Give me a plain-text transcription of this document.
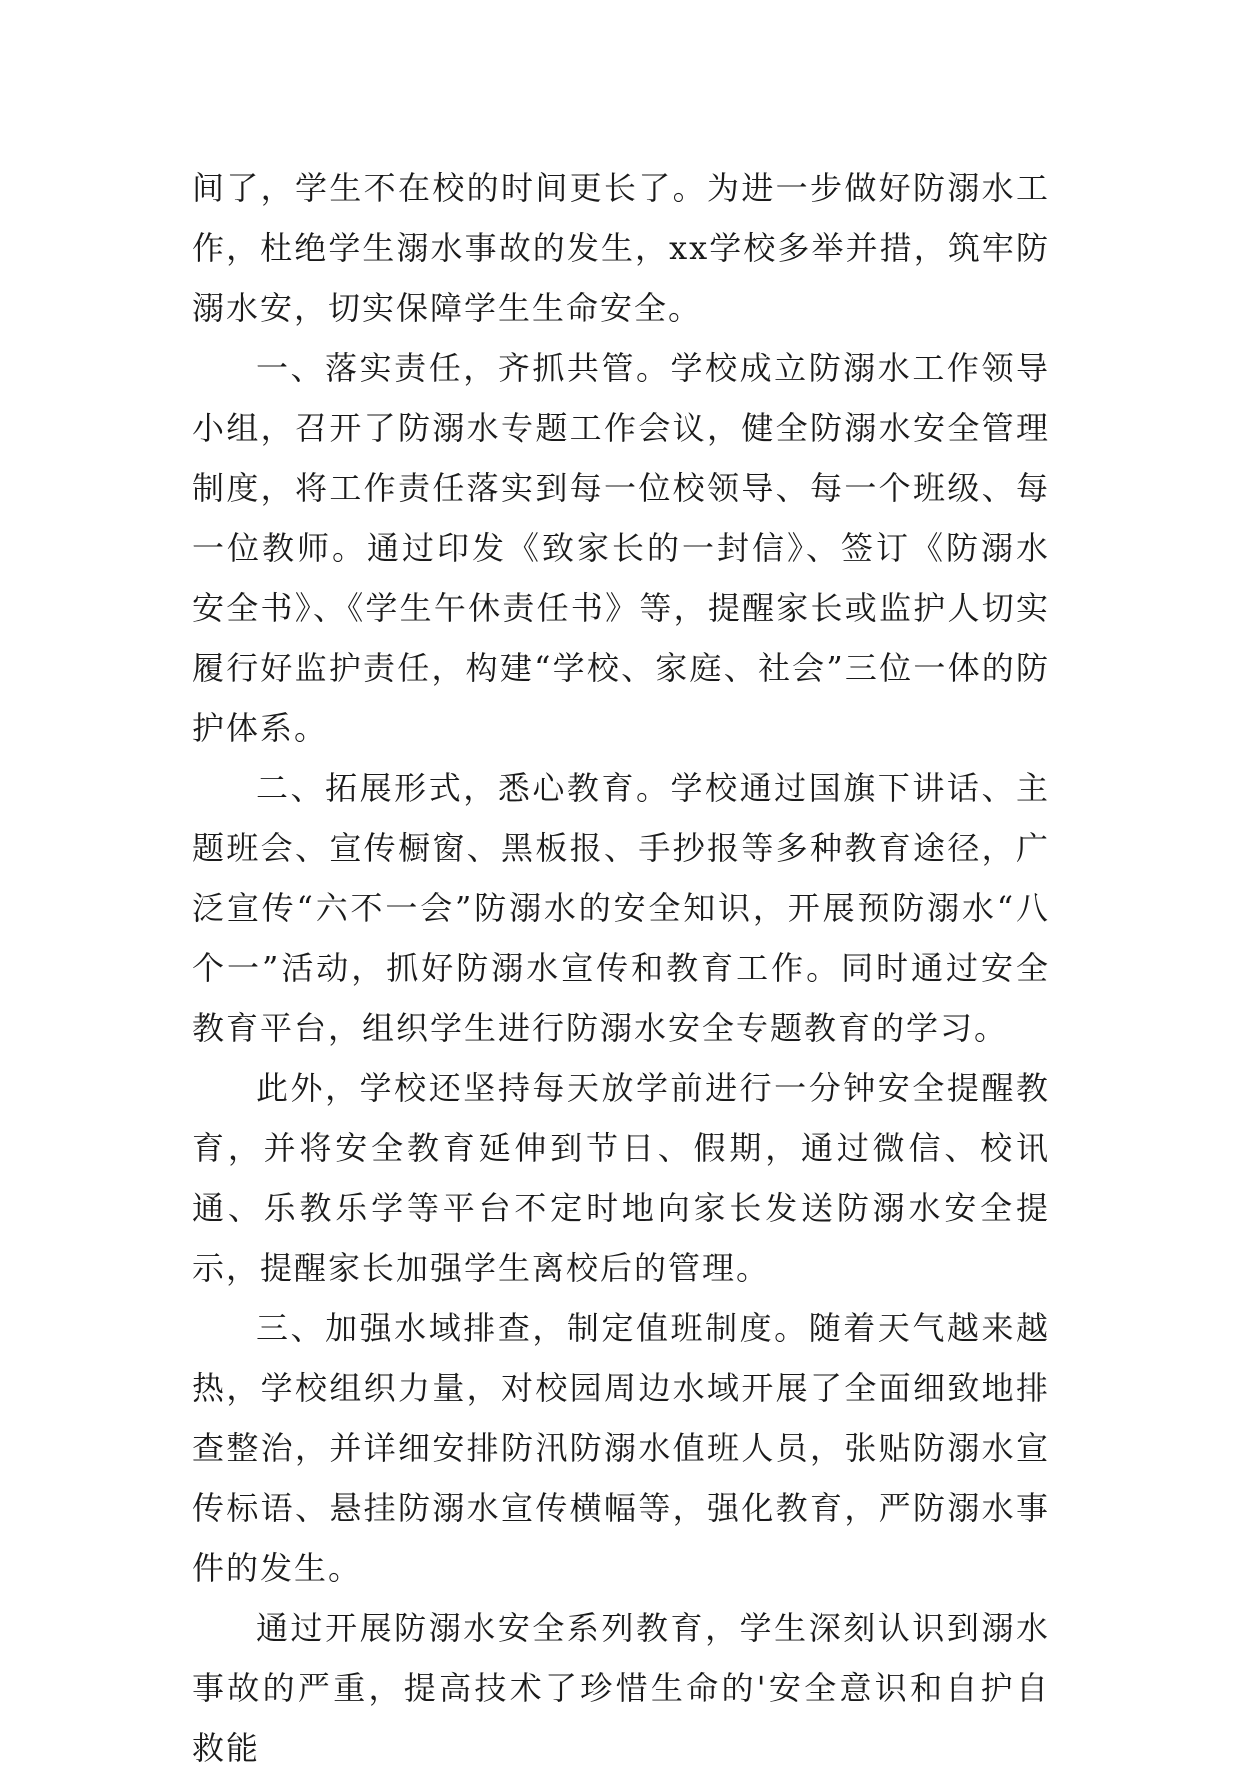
间了，学生不在校的时间更长了。为进一步做好防溺水工作，杜绝学生溺水事故的发生，xx学校多举并措，筑牢防溺水安，切实保障学生生命安全。

一、落实责任，齐抓共管。学校成立防溺水工作领导小组，召开了防溺水专题工作会议，健全防溺水安全管理制度，将工作责任落实到每一位校领导、每一个班级、每一位教师。通过印发《致家长的一封信》、签订《防溺水安全书》、《学生午休责任书》等，提醒家长或监护人切实履行好监护责任，构建“学校、家庭、社会”三位一体的防护体系。

二、拓展形式，悉心教育。学校通过国旗下讲话、主题班会、宣传橱窗、黑板报、手抄报等多种教育途径，广泛宣传“六不一会”防溺水的安全知识，开展预防溺水“八个一”活动，抓好防溺水宣传和教育工作。同时通过安全教育平台，组织学生进行防溺水安全专题教育的学习。

此外，学校还坚持每天放学前进行一分钟安全提醒教育，并将安全教育延伸到节日、假期，通过微信、校讯通、乐教乐学等平台不定时地向家长发送防溺水安全提示，提醒家长加强学生离校后的管理。

三、加强水域排查，制定值班制度。随着天气越来越热，学校组织力量，对校园周边水域开展了全面细致地排查整治，并详细安排防汛防溺水值班人员，张贴防溺水宣传标语、悬挂防溺水宣传横幅等，强化教育，严防溺水事件的发生。

通过开展防溺水安全系列教育，学生深刻认识到溺水事故的严重，提高技术了珍惜生命的'安全意识和自护自救能
